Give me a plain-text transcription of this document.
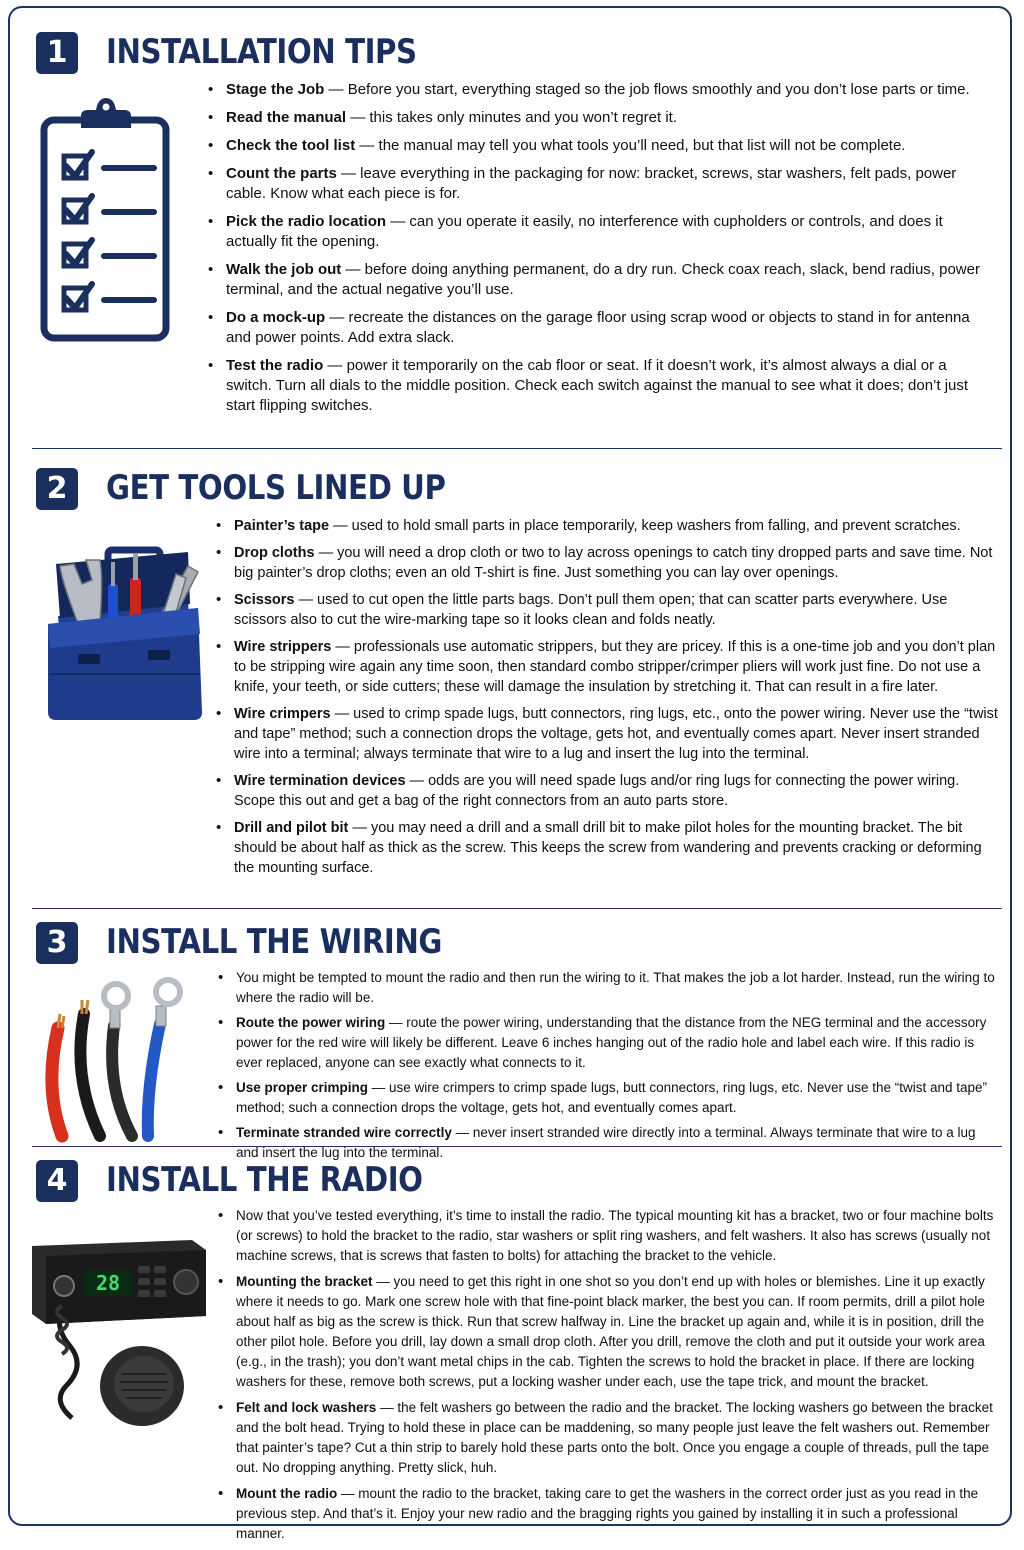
1	INSTALLATION TIPS
• Stage the Job — Before you start, everything staged so the job flows smoothly and you don’t lose parts or time.
• Read the manual — this takes only minutes and you won’t regret it.
• Check the tool list — the manual may tell you what tools you’ll need, but that list will not be complete.
• Count the parts — leave everything in the packaging for now: bracket, screws, star washers, felt pads, power cable. Know what each piece is for.
• Pick the radio location — can you operate it easily, no interference with cupholders or controls, and does it actually fit the opening.
• Walk the job out — before doing anything permanent, do a dry run. Check coax reach, slack, bend radius, power terminal, and the actual negative you’ll use.
• Do a mock-up — recreate the distances on the garage floor using scrap wood or objects to stand in for antenna and power points. Add extra slack.
• Test the radio — power it temporarily on the cab floor or seat. If it doesn’t work, it’s almost always a dial or a switch. Turn all dials to the middle position. Check each switch against the manual to see what it does; don’t just start flipping switches.
2	GET TOOLS LINED UP
• Painter’s tape — used to hold small parts in place temporarily, keep washers from falling, and prevent scratches.
• Drop cloths — you will need a drop cloth or two to lay across openings to catch tiny dropped parts and save time. Not big painter’s drop cloths; even an old T-shirt is fine. Just something you can lay over openings.
• Scissors — used to cut open the little parts bags. Don’t pull them open; that can scatter parts everywhere. Use scissors also to cut the wire-marking tape so it looks clean and folds neatly.
• Wire strippers — professionals use automatic strippers, but they are pricey. If this is a one-time job and you don’t plan to be stripping wire again any time soon, then standard combo stripper/crimper pliers will work just fine. Do not use a knife, your teeth, or side cutters; these will damage the insulation by stretching it. That can result in a fire later.
• Wire crimpers — used to crimp spade lugs, butt connectors, ring lugs, etc., onto the power wiring. Never use the “twist and tape” method; such a connection drops the voltage, gets hot, and eventually comes apart. Never insert stranded wire into a terminal; always terminate that wire to a lug and insert the lug into the terminal.
• Wire termination devices — odds are you will need spade lugs and/or ring lugs for connecting the power wiring. Scope this out and get a bag of the right connectors from an auto parts store.
• Drill and pilot bit — you may need a drill and a small drill bit to make pilot holes for the mounting bracket. The bit should be about half as thick as the screw. This keeps the screw from wandering and prevents cracking or deforming the mounting surface.
3	INSTALL THE WIRING
• You might be tempted to mount the radio and then run the wiring to it. That makes the job a lot harder. Instead, run the wiring to where the radio will be.
• Route the power wiring — route the power wiring, understanding that the distance from the NEG terminal and the accessory power for the red wire will likely be different. Leave 6 inches hanging out of the radio hole and label each wire. If this radio is ever replaced, anyone can see exactly what connects to it.
• Use proper crimping — use wire crimpers to crimp spade lugs, butt connectors, ring lugs, etc. Never use the “twist and tape” method; such a connection drops the voltage, gets hot, and eventually comes apart.
• Terminate stranded wire correctly — never insert stranded wire directly into a terminal. Always terminate that wire to a lug and insert the lug into the terminal.
4	INSTALL THE RADIO
28
• Now that you’ve tested everything, it’s time to install the radio. The typical mounting kit has a bracket, two or four machine bolts (or screws) to hold the bracket to the radio, star washers or split ring washers, and felt washers. It also has screws (usually not machine screws, that is screws that fasten to bolts) for attaching the bracket to the vehicle.
• Mounting the bracket — you need to get this right in one shot so you don’t end up with holes or blemishes. Line it up exactly where it needs to go. Mark one screw hole with that fine-point black marker, the best you can. If room permits, drill a pilot hole about half as big as the screw is thick. Run that screw halfway in. Line the bracket up again and, while it is in position, drill the other pilot hole. Before you drill, lay down a small drop cloth. After you drill, remove the cloth and put it outside your work area (e.g., in the trash); you don’t want metal chips in the cab. Tighten the screws to hold the bracket in place. If there are locking washers for these, remove both screws, put a locking washer under each, use the tape trick, and mount the bracket.
• Felt and lock washers — the felt washers go between the radio and the bracket. The locking washers go between the bracket and the bolt head. Trying to hold these in place can be maddening, so many people just leave the felt washers out. Remember that painter’s tape? Cut a thin strip to barely hold these parts onto the bolt. Once you engage a couple of threads, pull the tape out. No dropping anything. Pretty slick, huh.
• Mount the radio — mount the radio to the bracket, taking care to get the washers in the correct order just as you read in the previous step. And that’s it. Enjoy your new radio and the bragging rights you gained by installing it in such a professional manner.
